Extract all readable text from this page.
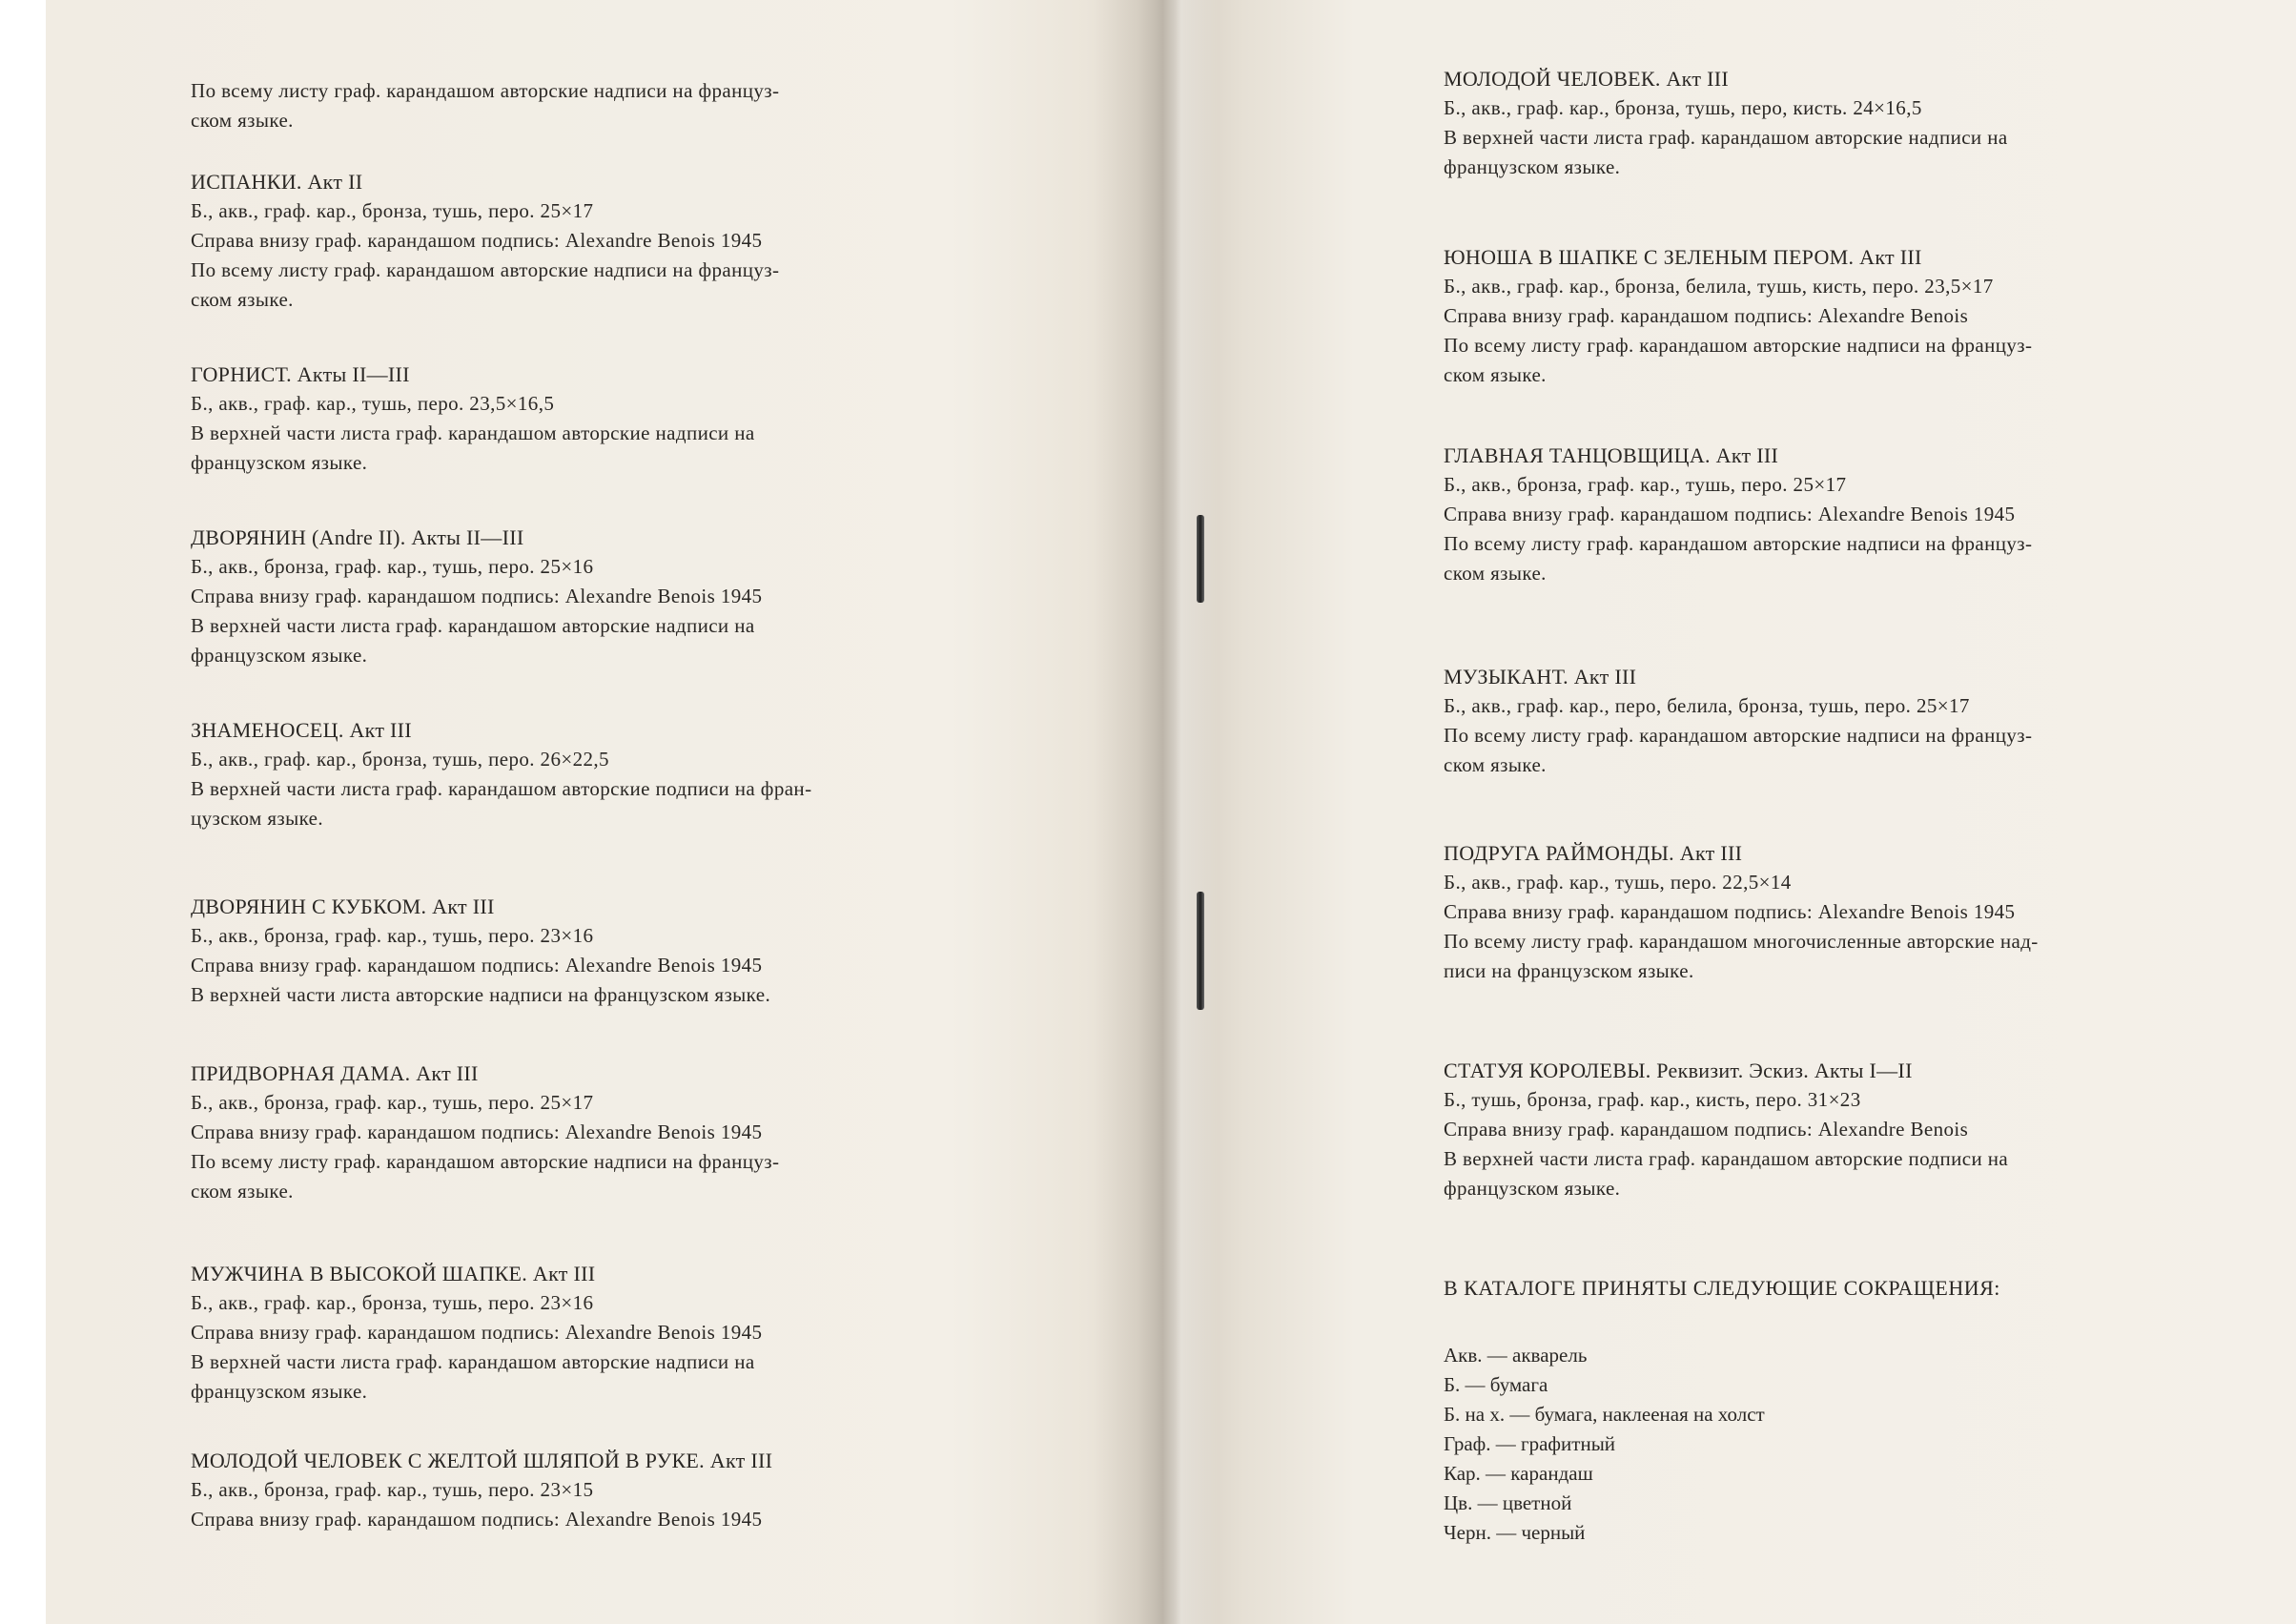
По всему листу граф. карандашом авторские надписи на француз-

ском языке.

ИСПАНКИ. Акт II

Б., акв., граф. кар., бронза, тушь, перо. 25×17

Справа внизу граф. карандашом подпись: Alexandre Benois 1945

По всему листу граф. карандашом авторские надписи на француз-

ском языке.

ГОРНИСТ. Акты II—III

Б., акв., граф. кар., тушь, перо. 23,5×16,5

В верхней части листа граф. карандашом авторские надписи на

французском языке.

ДВОРЯНИН (Andre II). Акты II—III

Б., акв., бронза, граф. кар., тушь, перо. 25×16

Справа внизу граф. карандашом подпись: Alexandre Benois 1945

В верхней части листа граф. карандашом авторские надписи на

французском языке.

ЗНАМЕНОСЕЦ. Акт III

Б., акв., граф. кар., бронза, тушь, перо. 26×22,5

В верхней части листа граф. карандашом авторские подписи на фран-

цузском языке.

ДВОРЯНИН С КУБКОМ. Акт III

Б., акв., бронза, граф. кар., тушь, перо. 23×16

Справа внизу граф. карандашом подпись: Alexandre Benois 1945

В верхней части листа авторские надписи на французском языке.

ПРИДВОРНАЯ ДАМА. Акт III

Б., акв., бронза, граф. кар., тушь, перо. 25×17

Справа внизу граф. карандашом подпись: Alexandre Benois 1945

По всему листу граф. карандашом авторские надписи на француз-

ском языке.

МУЖЧИНА В ВЫСОКОЙ ШАПКЕ. Акт III

Б., акв., граф. кар., бронза, тушь, перо. 23×16

Справа внизу граф. карандашом подпись: Alexandre Benois 1945

В верхней части листа граф. карандашом авторские надписи на

французском языке.

МОЛОДОЙ ЧЕЛОВЕК С ЖЕЛТОЙ ШЛЯПОЙ В РУКЕ. Акт III

Б., акв., бронза, граф. кар., тушь, перо. 23×15

Справа внизу граф. карандашом подпись: Alexandre Benois 1945

МОЛОДОЙ ЧЕЛОВЕК. Акт III

Б., акв., граф. кар., бронза, тушь, перо, кисть. 24×16,5

В верхней части листа граф. карандашом авторские надписи на

французском языке.

ЮНОША В ШАПКЕ С ЗЕЛЕНЫМ ПЕРОМ. Акт III

Б., акв., граф. кар., бронза, белила, тушь, кисть, перо. 23,5×17

Справа внизу граф. карандашом подпись: Alexandre Benois

По всему листу граф. карандашом авторские надписи на француз-

ском языке.

ГЛАВНАЯ ТАНЦОВЩИЦА. Акт III

Б., акв., бронза, граф. кар., тушь, перо. 25×17

Справа внизу граф. карандашом подпись: Alexandre Benois 1945

По всему листу граф. карандашом авторские надписи на француз-

ском языке.

МУЗЫКАНТ. Акт III

Б., акв., граф. кар., перо, белила, бронза, тушь, перо. 25×17

По всему листу граф. карандашом авторские надписи на француз-

ском языке.

ПОДРУГА РАЙМОНДЫ. Акт III

Б., акв., граф. кар., тушь, перо. 22,5×14

Справа внизу граф. карандашом подпись: Alexandre Benois 1945

По всему листу граф. карандашом многочисленные авторские над-

писи на французском языке.

СТАТУЯ КОРОЛЕВЫ. Реквизит. Эскиз. Акты I—II

Б., тушь, бронза, граф. кар., кисть, перо. 31×23

Справа внизу граф. карандашом подпись: Alexandre Benois

В верхней части листа граф. карандашом авторские подписи на

французском языке.

В КАТАЛОГЕ ПРИНЯТЫ СЛЕДУЮЩИЕ СОКРАЩЕНИЯ:

Акв. — акварель

Б. — бумага

Б. на х. — бумага, наклееная на холст

Граф. — графитный

Кар. — карандаш

Цв. — цветной

Черн. — черный
